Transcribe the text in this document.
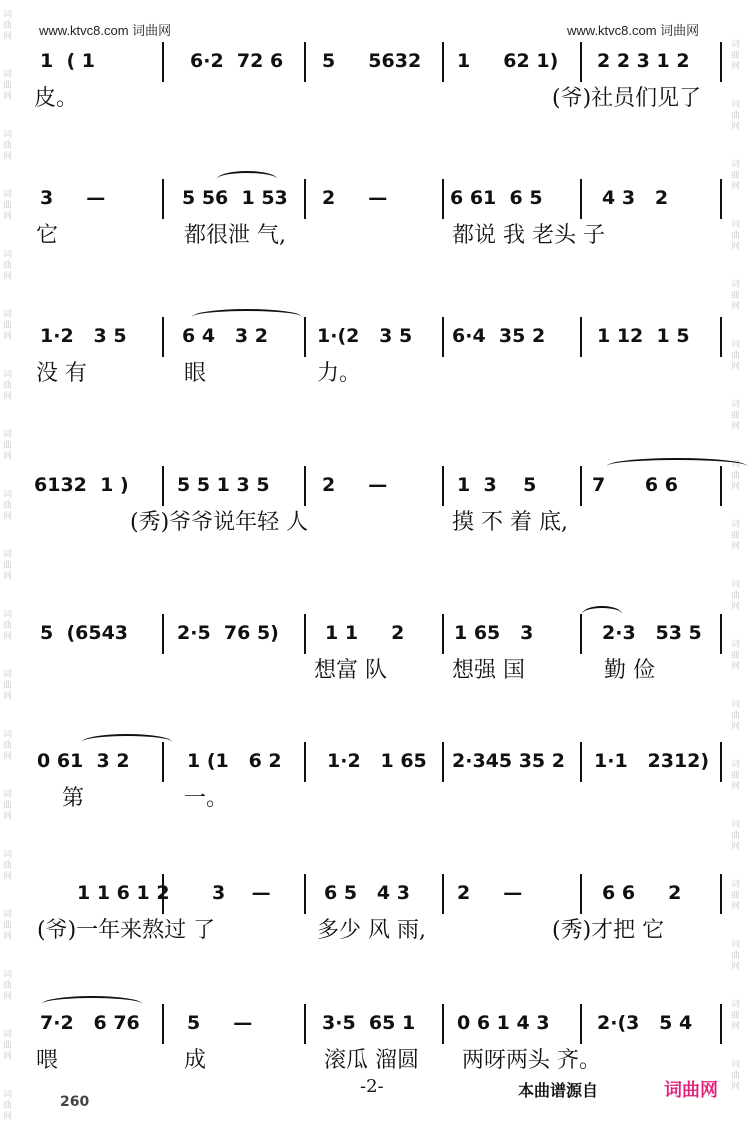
词 曲 网
词 曲 网
词 曲 网
词 曲 网
词 曲 网
词 曲 网
词 曲 网
词 曲 网
词 曲 网
词 曲 网
词 曲 网
词 曲 网
词 曲 网
词 曲 网
词 曲 网
词 曲 网
词 曲 网
词 曲 网
词 曲 网
词 曲 网
词 曲 网
词 曲 网
词 曲 网
词 曲 网
词 曲 网
词 曲 网
词 曲 网
词 曲 网
词 曲 网
词 曲 网
词 曲 网
词 曲 网
词 曲 网
词 曲 网
词 曲 网
词 曲 网
词 曲 网
www.ktvc8.com 词曲网	www.ktvc8.com 词曲网
1  ( 1	6·2  72 6 5     5632 1     62 1) 2 2 3 1 2
皮。	(爷)社员们见了
3     —	5 56  1 53 2     —	6 61  6 5	4 3   2
它	都很泄 气,	都说 我 老头 子
1·2   3 5	6 4   3 2	1·(2   3 5 6·4  35 2	1 12  1 5
没 有	眼	力。
6132  1 )	5 5 1 3 5	2     —	1  3    5	7      6 6
(秀)爷爷说年轻 人	摸 不 着 底,
5  (6543	2·5  76 5) 1 1     2	1 65   3	2·3   53 5
想富 队	想强 国	勤 俭
0 61  3 2	1 (1   6 2 1·2   1 65 2·345 35 2 1·1   2312)
第	一。
1 1 6 1 2 3    —	6 5   4 3 2     —	6 6     2
(爷)一年来熬过 了	多少 风 雨,	(秀)才把 它
7·2   6 76 5     —	3·5  65 1 0 6 1 4 3 2·(3   5 4
喂	成	滚瓜 溜圆 两呀两头 齐。
260
-2-	本曲谱源自	词曲网
